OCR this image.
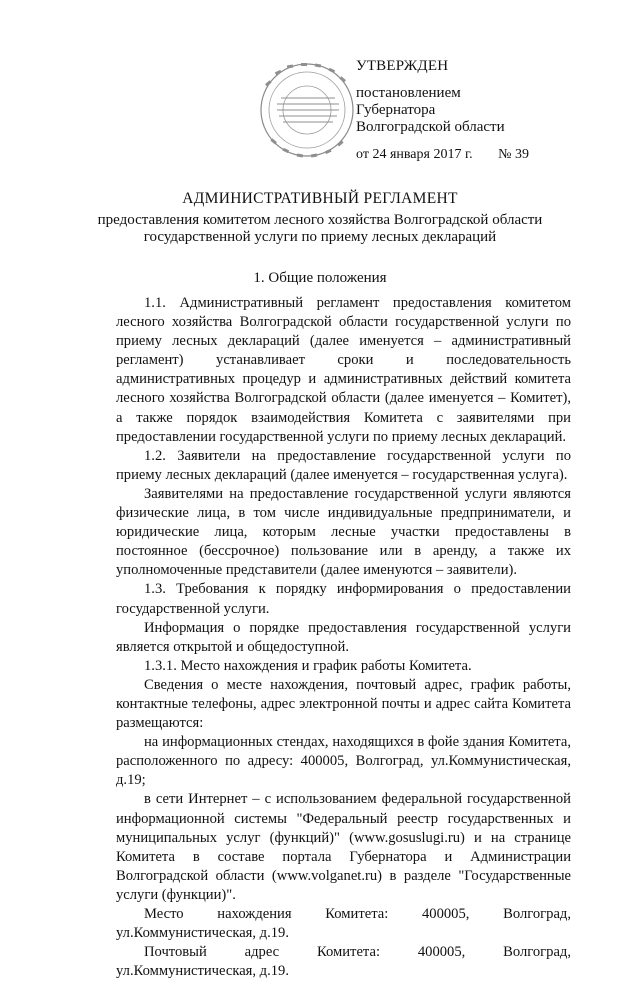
УТВЕРЖДЕН
постановлением
Губернатора
Волгоградской области
от 24 января 2017 г. № 39
АДМИНИСТРАТИВНЫЙ РЕГЛАМЕНТ
предоставления комитетом лесного хозяйства Волгоградской области
государственной услуги по приему лесных деклараций
1. Общие положения

1.1. Административный регламент предоставления комитетом лесного хозяйства Волгоградской области государственной услуги по приему лесных деклараций (далее именуется – административный регламент) устанавливает сроки и последовательность административных процедур и административных действий комитета лесного хозяйства Волгоградской области (далее именуется – Комитет), а также порядок взаимодействия Комитета с заявителями при предоставлении государственной услуги по приему лесных деклараций.

1.2. Заявители на предоставление государственной услуги по приему лесных деклараций (далее именуется – государственная услуга).

Заявителями на предоставление государственной услуги являются физические лица, в том числе индивидуальные предприниматели, и юридические лица, которым лесные участки предоставлены в постоянное (бессрочное) пользование или в аренду, а также их уполномоченные представители (далее именуются – заявители).

1.3. Требования к порядку информирования о предоставлении государственной услуги.

Информация о порядке предоставления государственной услуги является открытой и общедоступной.

1.3.1. Место нахождения и график работы Комитета.

Сведения о месте нахождения, почтовый адрес, график работы, контактные телефоны, адрес электронной почты и адрес сайта Комитета размещаются:

на информационных стендах, находящихся в фойе здания Комитета, расположенного по адресу: 400005, Волгоград, ул.Коммунистическая, д.19;

в сети Интернет – с использованием федеральной государственной информационной системы "Федеральный реестр государственных и муниципальных услуг (функций)" (www.gosuslugi.ru) и на странице Комитета в составе портала Губернатора и Администрации Волгоградской области (www.volganet.ru) в разделе "Государственные услуги (функции)".

Место нахождения Комитета: 400005, Волгоград, ул.Коммунистическая, д.19.

Почтовый адрес Комитета: 400005, Волгоград, ул.Коммунистическая, д.19.
